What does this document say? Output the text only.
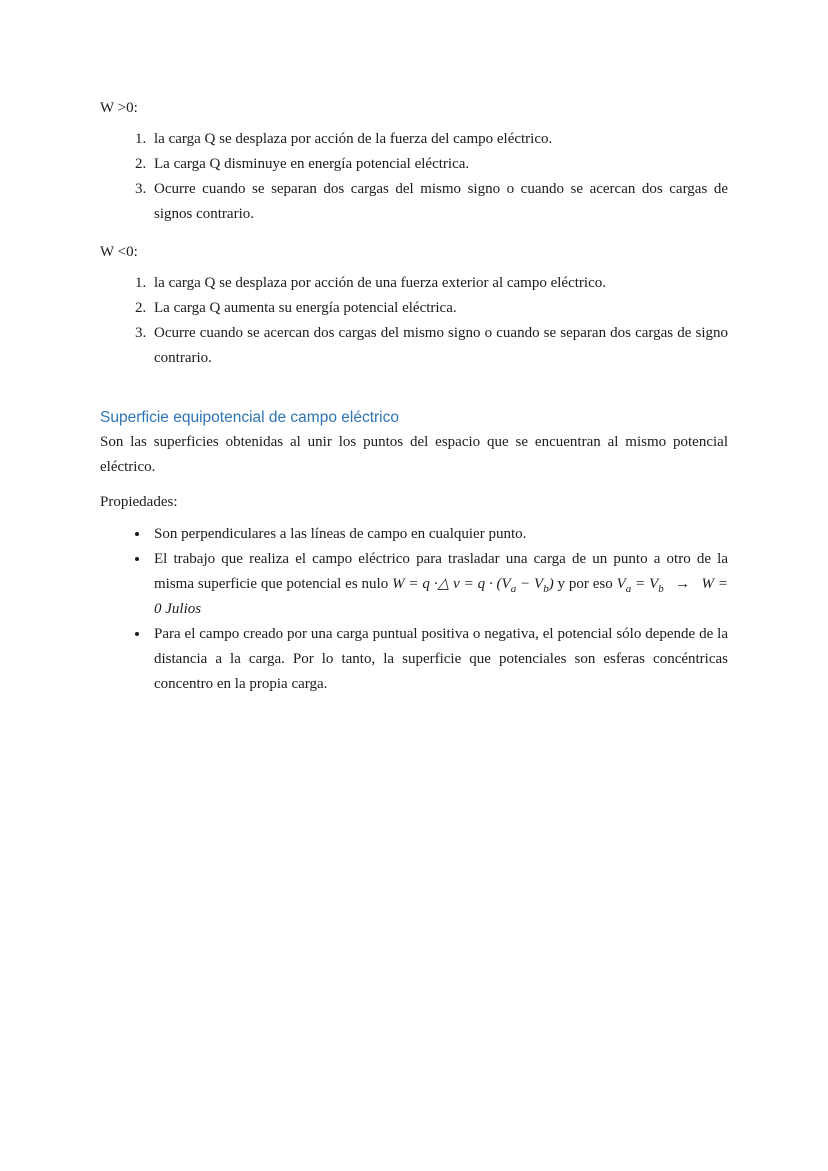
W >0:

1. la carga Q se desplaza por acción de la fuerza del campo eléctrico.
2. La carga Q disminuye en energía potencial eléctrica.
3. Ocurre cuando se separan dos cargas del mismo signo o cuando se acercan dos cargas de signos contrario.

W <0:

1. la carga Q se desplaza por acción de una fuerza exterior al campo eléctrico.
2. La carga Q aumenta su energía potencial eléctrica.
3. Ocurre cuando se acercan dos cargas del mismo signo o cuando se separan dos cargas de signo contrario.
Superficie equipotencial de campo eléctrico

Son las superficies obtenidas al unir los puntos del espacio que se encuentran al mismo potencial eléctrico.

Propiedades:

• Son perpendiculares a las líneas de campo en cualquier punto.
• El trabajo que realiza el campo eléctrico para trasladar una carga de un punto a otro de la misma superficie que potencial es nulo W = q ·△ $v = q \cdot (V_a - V_b)$ y por eso $V_a = V_b$  →  W = 0 Julios
• Para el campo creado por una carga puntual positiva o negativa, el potencial sólo depende de la distancia a la carga. Por lo tanto, la superficie que potenciales son esferas concéntricas concentro en la propia carga.
